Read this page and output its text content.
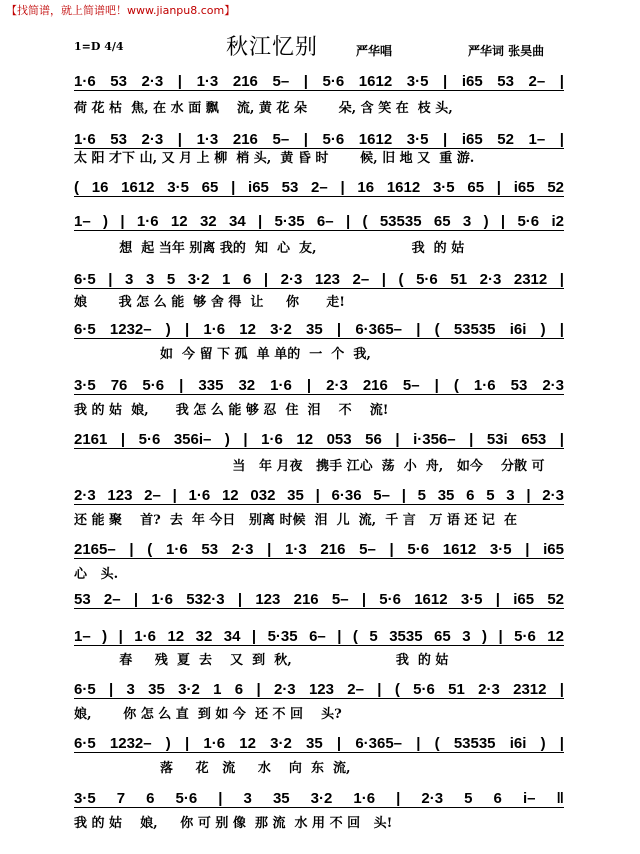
【找简谱，就上简谱吧！www.jianpu8.com】
1=D 4/4	秋江忆别	严华唱	严华词 张昊曲
1·6 53 2·3 | 1·3 216 5– | 5·6 1612 3·5 | i65 53 2– |
荷 花 枯  焦, 在 水 面 飘    流, 黄 花 朵       朵, 含 笑 在  枝 头,
1·6 53 2·3 | 1·3 216 5– | 5·6 1612 3·5 | i65 52 1– |
太 阳 才下 山, 又 月 上 柳  梢 头,  黄 昏 时       候, 旧 地 又  重 游.
( 16 1612 3·5 65 | i65 53 2– | 16 1612 3·5 65 | i65 52
1– ) | 1·6 12 32 34 | 5·35 6– | ( 53535 65 3 ) | 5·6 i2
想  起 当年 别离 我的  知  心  友,                     我  的 姑
6·5 | 3 3 5 3·2 1 6 | 2·3 123 2– | ( 5·6 51 2·3 2312 |
娘       我 怎 么 能  够 舍 得  让     你      走!
6·5 1232– ) | 1·6 12 3·2 35 | 6·365– | ( 53535 i6i ) |
如  今 留 下 孤  单 单的  一  个  我,
3·5 76 5·6 | 335 32 1·6 | 2·3 216 5– | ( 1·6 53 2·3
我 的 姑  娘,      我 怎 么 能 够 忍  住  泪    不    流!
2161 | 5·6 356i– ) | 1·6 12 053 56 | i·356– | 53i 653 |
当   年 月夜   携手 江心  荡  小  舟,   如今    分散 可
2·3 123 2– | 1·6 12 032 35 | 6·36 5– | 5 35 6 5 3 | 2·3
还 能 聚    首?  去  年 今日   别离 时候  泪  儿  流,  千 言   万 语 还 记  在
2165– | ( 1·6 53 2·3 | 1·3 216 5– | 5·6 1612 3·5 | i65
心   头.
53 2– | 1·6 532·3 | 123 216 5– | 5·6 1612 3·5 | i65 52
1– ) | 1·6 12 32 34 | 5·35 6– | ( 5 3535 65 3 ) | 5·6 12
春     残  夏  去    又  到  秋,                       我  的 姑
6·5 | 3 35 3·2 1 6 | 2·3 123 2– | ( 5·6 51 2·3 2312 |
娘,       你 怎 么 直  到 如 今  还 不 回    头?
6·5 1232– ) | 1·6 12 3·2 35 | 6·365– | ( 53535 i6i ) |
落     花   流     水    向  东  流,
3·5 7 6 5·6 | 3 35 3·2 1·6 | 2·3 5 6 i– ‖
我 的 姑    娘,     你 可 别 像  那 流  水 用 不 回   头!
